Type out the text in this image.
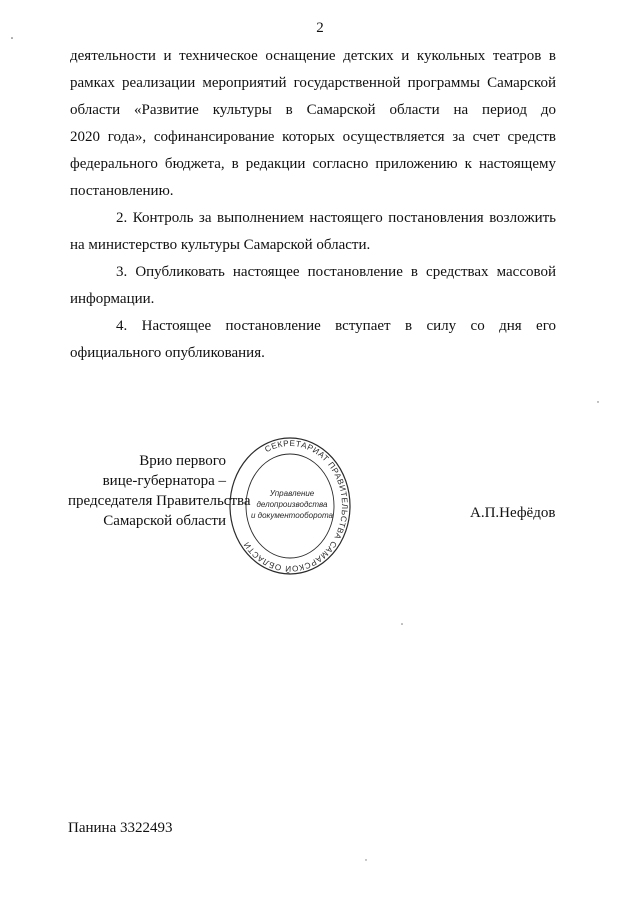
2
деятельности и техническое оснащение детских и кукольных театров в
рамках реализации мероприятий государственной программы Самарской
области «Развитие культуры в Самарской области на период до
2020 года», софинансирование которых осуществляется за счет средств
федерального бюджета, в редакции согласно приложению к настоящему
постановлению.
2. Контроль за выполнением настоящего постановления возложить
на министерство культуры Самарской области.
3. Опубликовать настоящее постановление в средствах массовой
информации.
4. Настоящее постановление вступает в силу со дня его
официального опубликования.
СЕКРЕТАРИАТ ПРАВИТЕЛЬСТВА САМАРСКОЙ ОБЛАСТИ
Управление
делопроизводства
и документооборота
Врио первого
вице-губернатора –
председателя Правительства
Самарской области	А.П.Нефёдов
Панина 3322493
